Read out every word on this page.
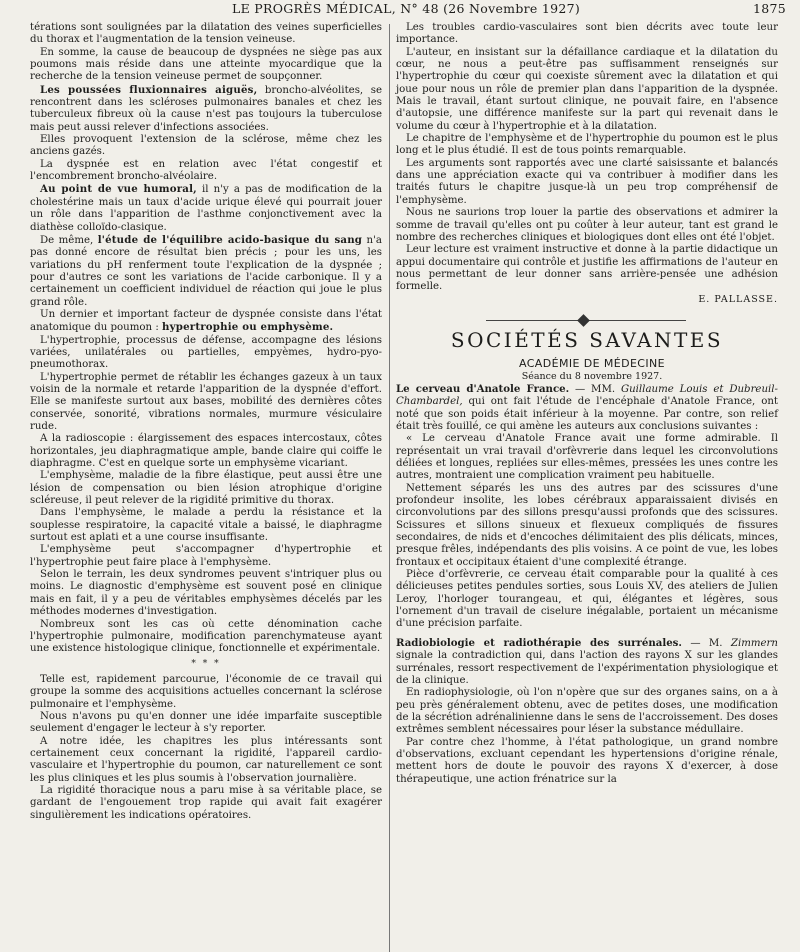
LE PROGRÈS MÉDICAL, N° 48 (26 Novembre 1927)	1875

térations sont soulignées par la dilatation des veines superficielles du thorax et l'augmentation de la tension veineuse.

En somme, la cause de beaucoup de dyspnées ne siège pas aux poumons mais réside dans une atteinte myocardique que la recherche de la tension veineuse permet de soupçonner.

Les poussées fluxionnaires aiguës, broncho-alvéolites, se rencontrent dans les scléroses pulmonaires banales et chez les tuberculeux fibreux où la cause n'est pas toujours la tuberculose mais peut aussi relever d'infections associées.

Elles provoquent l'extension de la sclérose, même chez les anciens gazés.

La dyspnée est en relation avec l'état congestif et l'encombrement broncho-alvéolaire.

Au point de vue humoral, il n'y a pas de modification de la cholestérine mais un taux d'acide urique élevé qui pourrait jouer un rôle dans l'apparition de l'asthme conjonctivement avec la diathèse colloïdo-clasique.

De même, l'étude de l'équilibre acido-basique du sang n'a pas donné encore de résultat bien précis ; pour les uns, les variations du pH renferment toute l'explication de la dyspnée ; pour d'autres ce sont les variations de l'acide carbonique. Il y a certainement un coefficient individuel de réaction qui joue le plus grand rôle.

Un dernier et important facteur de dyspnée consiste dans l'état anatomique du poumon : hypertrophie ou emphysème.

L'hypertrophie, processus de défense, accompagne des lésions variées, unilatérales ou partielles, empyèmes, hydro-pyo-pneumothorax.

L'hypertrophie permet de rétablir les échanges gazeux à un taux voisin de la normale et retarde l'apparition de la dyspnée d'effort. Elle se manifeste surtout aux bases, mobilité des dernières côtes conservée, sonorité, vibrations normales, murmure vésiculaire rude.

A la radioscopie : élargissement des espaces intercostaux, côtes horizontales, jeu diaphragmatique ample, bande claire qui coiffe le diaphragme. C'est en quelque sorte un emphysème vicariant.

L'emphysème, maladie de la fibre élastique, peut aussi être une lésion de compensation ou bien lésion atrophique d'origine scléreuse, il peut relever de la rigidité primitive du thorax.

Dans l'emphysème, le malade a perdu la résistance et la souplesse respiratoire, la capacité vitale a baissé, le diaphragme surtout est aplati et a une course insuffisante.

L'emphysème peut s'accompagner d'hypertrophie et l'hypertrophie peut faire place à l'emphysème.

Selon le terrain, les deux syndromes peuvent s'intriquer plus ou moins. Le diagnostic d'emphysème est souvent posé en clinique mais en fait, il y a peu de véritables emphysèmes décelés par les méthodes modernes d'investigation.

Nombreux sont les cas où cette dénomination cache l'hypertrophie pulmonaire, modification parenchymateuse ayant une existence histologique clinique, fonctionnelle et expérimentale.

* * *

Telle est, rapidement parcourue, l'économie de ce travail qui groupe la somme des acquisitions actuelles concernant la sclérose pulmonaire et l'emphysème.

Nous n'avons pu qu'en donner une idée imparfaite susceptible seulement d'engager le lecteur à s'y reporter.

A notre idée, les chapitres les plus intéressants sont certainement ceux concernant la rigidité, l'appareil cardio-vasculaire et l'hypertrophie du poumon, car naturellement ce sont les plus cliniques et les plus soumis à l'observation journalière.

La rigidité thoracique nous a paru mise à sa véritable place, se gardant de l'engouement trop rapide qui avait fait exagérer singulièrement les indications opératoires.

Les troubles cardio-vasculaires sont bien décrits avec toute leur importance.

L'auteur, en insistant sur la défaillance cardiaque et la dilatation du cœur, ne nous a peut-être pas suffisamment renseignés sur l'hypertrophie du cœur qui coexiste sûrement avec la dilatation et qui joue pour nous un rôle de premier plan dans l'apparition de la dyspnée. Mais le travail, étant surtout clinique, ne pouvait faire, en l'absence d'autopsie, une différence manifeste sur la part qui revenait dans le volume du cœur à l'hypertrophie et à la dilatation.

Le chapitre de l'emphysème et de l'hypertrophie du poumon est le plus long et le plus étudié. Il est de tous points remarquable.

Les arguments sont rapportés avec une clarté saisissante et balancés dans une appréciation exacte qui va contribuer à modifier dans les traités futurs le chapitre jusque-là un peu trop compréhensif de l'emphysème.

Nous ne saurions trop louer la partie des observations et admirer la somme de travail qu'elles ont pu coûter à leur auteur, tant est grand le nombre des recherches cliniques et biologiques dont elles ont été l'objet.

Leur lecture est vraiment instructive et donne à la partie didactique un appui documentaire qui contrôle et justifie les affirmations de l'auteur en nous permettant de leur donner sans arrière-pensée une adhésion formelle.

E. PALLASSE.

SOCIÉTÉS SAVANTES

ACADÉMIE DE MÉDECINE

Séance du 8 novembre 1927.

Le cerveau d'Anatole France. — MM. Guillaume Louis et Dubreuil-Chambardel, qui ont fait l'étude de l'encéphale d'Anatole France, ont noté que son poids était inférieur à la moyenne. Par contre, son relief était très fouillé, ce qui amène les auteurs aux conclusions suivantes :

« Le cerveau d'Anatole France avait une forme admirable. Il représentait un vrai travail d'orfèvrerie dans lequel les circonvolutions déliées et longues, repliées sur elles-mêmes, pressées les unes contre les autres, montraient une complication vraiment peu habituelle.

Nettement séparés les uns des autres par des scissures d'une profondeur insolite, les lobes cérébraux apparaissaient divisés en circonvolutions par des sillons presqu'aussi profonds que des scissures. Scissures et sillons sinueux et flexueux compliqués de fissures secondaires, de nids et d'encoches délimitaient des plis délicats, minces, presque frêles, indépendants des plis voisins. A ce point de vue, les lobes frontaux et occipitaux étaient d'une complexité étrange.

Pièce d'orfèvrerie, ce cerveau était comparable pour la qualité à ces délicieuses petites pendules sorties, sous Louis XV, des ateliers de Julien Leroy, l'horloger tourangeau, et qui, élégantes et légères, sous l'ornement d'un travail de ciselure inégalable, portaient un mécanisme d'une précision parfaite.

Radiobiologie et radiothérapie des surrénales. — M. Zimmern signale la contradiction qui, dans l'action des rayons X sur les glandes surrénales, ressort respectivement de l'expérimentation physiologique et de la clinique.

En radiophysiologie, où l'on n'opère que sur des organes sains, on a à peu près généralement obtenu, avec de petites doses, une modification de la sécrétion adrénalinienne dans le sens de l'accroissement. Des doses extrêmes semblent nécessaires pour léser la substance médullaire.

Par contre chez l'homme, à l'état pathologique, un grand nombre d'observations, excluant cependant les hypertensions d'origine rénale, mettent hors de doute le pouvoir des rayons X d'exercer, à dose thérapeutique, une action frénatrice sur la
